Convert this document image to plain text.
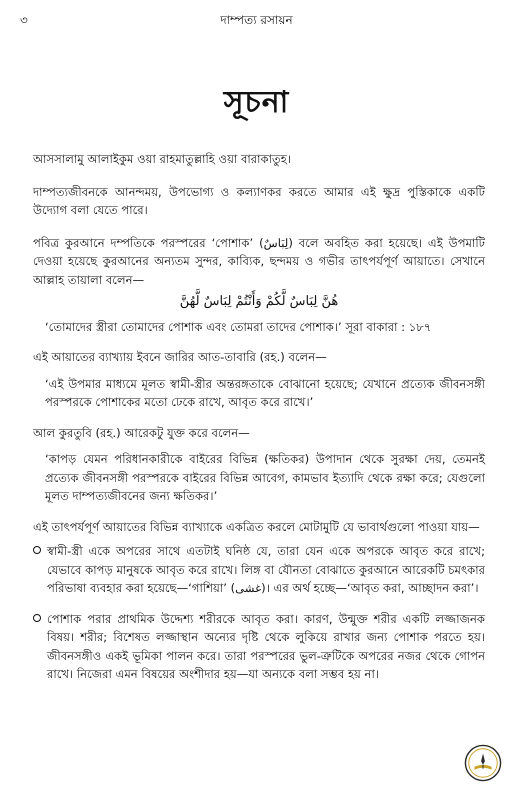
৩	দাম্পত্য রসায়ন
সূচনা

আসসালামু আলাইকুম ওয়া রাহমাতুল্লাহি ওয়া বারাকাতুহ।

দাম্পত্যজীবনকে আনন্দময়, উপভোগ্য ও কল্যাণকর করতে আমার এই ক্ষুদ্র পুস্তিকাকে একটি উদ্যোগ বলা যেতে পারে।

পবিত্র কুরআনে দম্পতিকে পরস্পরের ‘পোশাক’ (لِبَاسٌ) বলে অবহিত করা হয়েছে। এই উপমাটি দেওয়া হয়েছে কুরআনের অন্যতম সুন্দর, কাব্যিক, ছন্দময় ও গভীর তাৎপর্যপূর্ণ আয়াতে। সেখানে আল্লাহ তায়ালা বলেন—

هُنَّ لِبَاسٌ لَّكُمْ وَأَنْتُمْ لِبَاسٌ لَّهُنَّ

‘তোমাদের স্ত্রীরা তোমাদের পোশাক এবং তোমরা তাদের পোশাক।’ সূরা বাকারা : ১৮৭

এই আয়াতের ব্যাখ্যায় ইবনে জারির আত-তাবারি (রহ.) বলেন—

‘এই উপমার মাধ্যমে মূলত স্বামী-স্ত্রীর অন্তরঙ্গতাকে বোঝানো হয়েছে; যেখানে প্রত্যেক জীবনসঙ্গী পরস্পরকে পোশাকের মতো ঢেকে রাখে, আবৃত করে রাখে।’

আল কুরতুবি (রহ.) আরেকটু যুক্ত করে বলেন—

‘কাপড় যেমন পরিধানকারীকে বাইরের বিভিন্ন (ক্ষতিকর) উপাদান থেকে সুরক্ষা দেয়, তেমনই প্রত্যেক জীবনসঙ্গী পরস্পরকে বাইরের বিভিন্ন আবেগ, কামভাব ইত্যাদি থেকে রক্ষা করে; যেগুলো মূলত দাম্পত্যজীবনের জন্য ক্ষতিকর।’

এই তাৎপর্যপূর্ণ আয়াতের বিভিন্ন ব্যাখ্যাকে একত্রিত করলে মোটামুটি যে ভাবার্থগুলো পাওয়া যায়—

স্বামী-স্ত্রী একে অপরের সাথে এতটাই ঘনিষ্ঠ যে, তারা যেন একে অপরকে আবৃত করে রাখে; যেভাবে কাপড় মানুষকে আবৃত করে রাখে। লিঙ্গ বা যৌনতা বোঝাতে কুরআনে আরেকটি চমৎকার পরিভাষা ব্যবহার করা হয়েছে—‘গাশিয়া’ (غشى)। এর অর্থ হচ্ছে—‘আবৃত করা, আচ্ছাদন করা’।
পোশাক পরার প্রাথমিক উদ্দেশ্য শরীরকে আবৃত করা। কারণ, উন্মুক্ত শরীর একটি লজ্জাজনক বিষয়। শরীর; বিশেষত লজ্জাস্থান অন্যের দৃষ্টি থেকে লুকিয়ে রাখার জন্য পোশাক পরতে হয়। জীবনসঙ্গীও একই ভূমিকা পালন করে। তারা পরস্পরের ভুল-ত্রুটিকে অপরের নজর থেকে গোপন রাখে। নিজেরা এমন বিষয়ের অংশীদার হয়—যা অন্যকে বলা সম্ভব হয় না।
